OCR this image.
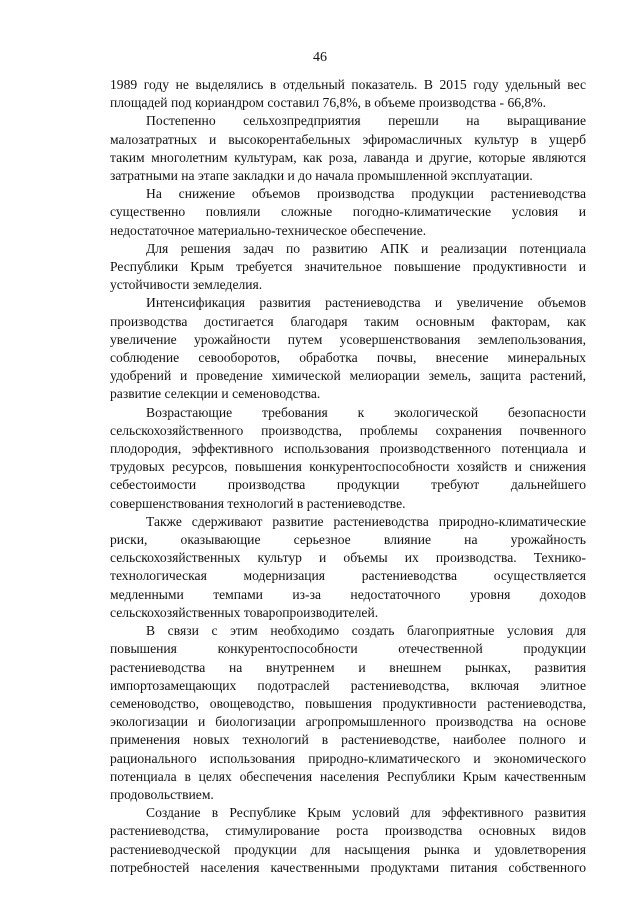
46

1989 году не выделялись в отдельный показатель. В 2015 году удельный вес

площадей под кориандром составил 76,8%, в объеме производства - 66,8%.

Постепенно сельхозпредприятия перешли на выращивание

малозатратных и высокорентабельных эфиромасличных культур в ущерб

таким многолетним культурам, как роза, лаванда и другие, которые являются

затратными на этапе закладки и до начала промышленной эксплуатации.

На снижение объемов производства продукции растениеводства

существенно повлияли сложные погодно-климатические условия и

недостаточное материально-техническое обеспечение.

Для решения задач по развитию АПК и реализации потенциала

Республики Крым требуется значительное повышение продуктивности и

устойчивости земледелия.

Интенсификация развития растениеводства и увеличение объемов

производства достигается благодаря таким основным факторам, как

увеличение урожайности путем усовершенствования землепользования,

соблюдение севооборотов, обработка почвы, внесение минеральных

удобрений и проведение химической мелиорации земель, защита растений,

развитие селекции и семеноводства.

Возрастающие требования к экологической безопасности

сельскохозяйственного производства, проблемы сохранения почвенного

плодородия, эффективного использования производственного потенциала и

трудовых ресурсов, повышения конкурентоспособности хозяйств и снижения

себестоимости производства продукции требуют дальнейшего

совершенствования технологий в растениеводстве.

Также сдерживают развитие растениеводства природно-климатические

риски, оказывающие серьезное влияние на урожайность

сельскохозяйственных культур и объемы их производства. Технико-

технологическая модернизация растениеводства осуществляется

медленными темпами из-за недостаточного уровня доходов

сельскохозяйственных товаропроизводителей.

В связи с этим необходимо создать благоприятные условия для

повышения конкурентоспособности отечественной продукции

растениеводства на внутреннем и внешнем рынках, развития

импортозамещающих подотраслей растениеводства, включая элитное

семеноводство, овощеводство, повышения продуктивности растениеводства,

экологизации и биологизации агропромышленного производства на основе

применения новых технологий в растениеводстве, наиболее полного и

рационального использования природно-климатического и экономического

потенциала в целях обеспечения населения Республики Крым качественным

продовольствием.

Создание в Республике Крым условий для эффективного развития

растениеводства, стимулирование роста производства основных видов

растениеводческой продукции для насыщения рынка и удовлетворения

потребностей населения качественными продуктами питания собственного
